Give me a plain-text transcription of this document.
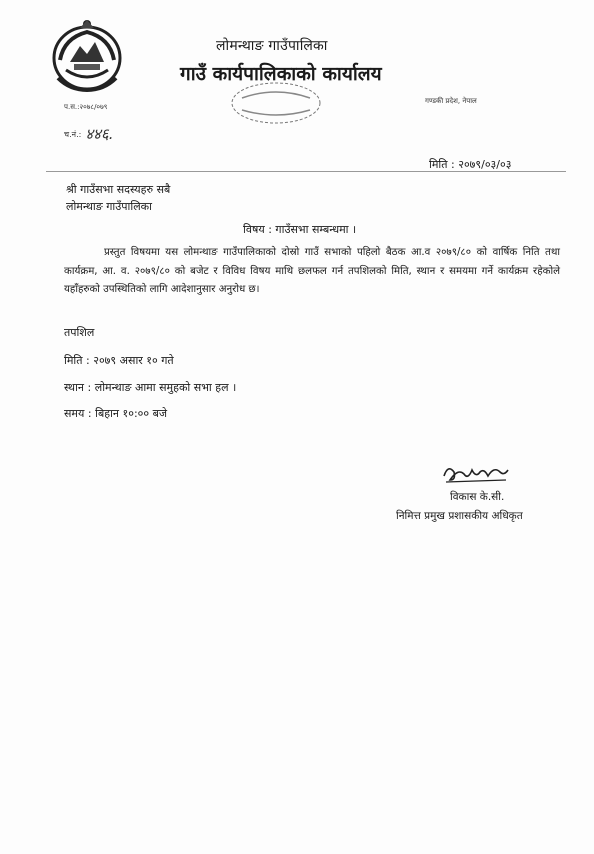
लोमन्थाङ गाउँपालिका
गाउँ कार्यपालिकाको कार्यालय
गण्डकी प्रदेश, नेपाल
प.स.:२०७८/०७९
च.नं.: ४४६.
मिति : २०७९/०३/०३
श्री गाउँसभा सदस्यहरु सबै
लोमन्थाङ गाउँपालिका
विषय : गाउँसभा सम्बन्धमा ।
प्रस्तुत विषयमा यस लोमन्थाङ गाउँपालिकाको दोस्रो गाउँ सभाको पहिलो बैठक आ.व २०७९/८० को वार्षिक निति तथा कार्यक्रम, आ. व. २०७९/८० को बजेट र विविध विषय माथि छलफल गर्न तपशिलको मिति, स्थान र समयमा गर्ने कार्यक्रम रहेकोले यहाँहरुको उपस्थितिको लागि आदेशानुसार अनुरोध छ।
तपशिल
मिति : २०७९ असार १० गते
स्थान : लोमन्थाङ आमा समुहको सभा हल ।
समय : बिहान १०:०० बजे
विकास के.सी.
निमित्त प्रमुख प्रशासकीय अधिकृत
